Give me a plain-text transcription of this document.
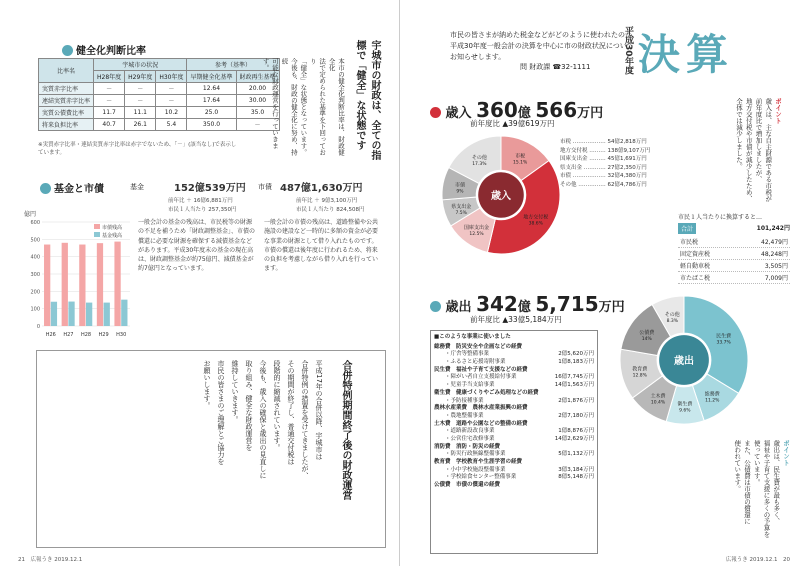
健全化判断比率
比率名	宇城市の状況			参考（基準）	
	H28年度	H29年度	H30年度	早期健全化基準	財政再生基準
実質赤字比率	－	－	－	12.64	20.00
連結実質赤字比率	－	－	－	17.64	30.00
実質公債費比率	11.7	11.1	10.2	25.0	35.0
将来負担比率	40.7	26.1	5.4	350.0	－
※実質赤字比率・連結実質赤字比率は赤字でないため、「－」(該当なし)で表示しています。	本市の健全化判断比率は、財政健全化
法で定められた基準を下回っており
「健全」な状態となっています。
今後も、財政の健全化に努め、持続
可能な財政運営を行っていきます。	宇城市の財政は、全ての指標で「健全」な状態です
基金と市債	基金	152億539万円
前年比 ＋ 16億6,881万円
市民１人当たり 257,350円
市債 487億1,630万円
前年比 ＋ 9億3,100万円
市民１人当たり 824,508円
億円
0
100
200
300
400
500
600
H26 H27 H28 H29 H30
市債残高
基金残高
一般会計の基金の残高は、市民税等の財源の不足を補うため「財政調整基金」、市債の償還に必要な財源を確保する減債基金などがあります。平成30年度末の基金の現在高は、財政調整基金が約75億円、減債基金が約7億円となっています。
一般会計の市債の残高は、道路整備や公共施設の建設など一時的に多額の資金が必要な事業の財源として借り入れたものです。市債の償還は後年度に行われるため、将来の負担を考慮しながら借り入れを行っています。
合併特例期間終了後の財政運営
平成17年の合併以降、宇城市は
合併特例の措置を受けてきましたが、
その期間が終了し、普通交付税は
段階的に縮減されています。
今後も、歳入の確保と歳出の見直しに
取り組み、健全な財政運営を
維持していきます。
市民の皆さまのご理解とご協力を
お願いします。
21　広報うき 2019.12.1
市民の皆さまが納めた税金などがどのように使われたのか、平成30年度一般会計の決算を中心に市の財政状況についてお知らせします。
問 財政課 ☎32-1111	平成30年度 決算
歳入 360億 566万円
前年度比 ▲39億619万円
市税
15.1%
地方交付税
38.6%
国庫支出金
12.5%
県支出金
7.5%
市債
9%
その他
17.3%
歳入
市税 ……………… 54億2,818万円
地方交付税 ……… 138億9,107万円
国庫支出金 ……… 45億1,691万円
県支出金 ………… 27億2,350万円
市債 ……………… 32億4,380万円
その他 …………… 62億4,786万円
ポイント
歳入は、主な自主財源である市税が
前年度比で増加しましたが、
地方交付税や市債が減少したため、
全体では減少しました。
市民１人当たりに換算すると…
合計	101,242円
市民税	42,479円
固定資産税	48,248円
軽自動車税	3,505円
市たばこ税	7,009円
歳出 342億 5,715万円
前年度比 ▲33億5,184万円
■このような事業に使いました
総務費　防災安全や企画などの経費
　　・庁舎等整備事業	2億5,620万円
　　・ふるさと応援寄附事業	1億8,183万円
民生費　福祉や子育て支援などの経費
　　・障がい者自立支援給付事業	16億7,745万円
　　・児童手当支給事業	14億1,563万円
衛生費　健康づくりやごみ処理などの経費
　　・予防接種事業	2億1,876万円
農林水産業費　農林水産業振興の経費
　　・農地整備事業	2億7,180万円
土木費　道路や公園などの整備の経費
　　・道路新設改良事業	1億8,876万円
　　・公営住宅改修事業	14億2,629万円
消防費　消防・防災の経費
　　・防災行政無線整備事業	5億1,132万円
教育費　学校教育や生涯学習の経費
　　・小中学校施設整備事業	3億3,184万円
　　・学校給食センター整備事業	8億5,148万円
公債費　市債の償還の経費
民生費
33.7%
総務費
11.2%
衛生費
9.6%
土木費
10.4%
教育費
12.8%
公債費
14%
その他
8.3%
歳出
ポイント
歳出は、民生費が最も多く、
福祉や子育て支援に多くの予算を
使っています。
また、公債費は市債の償還に
使われています。
広報うき 2019.12.1　20
